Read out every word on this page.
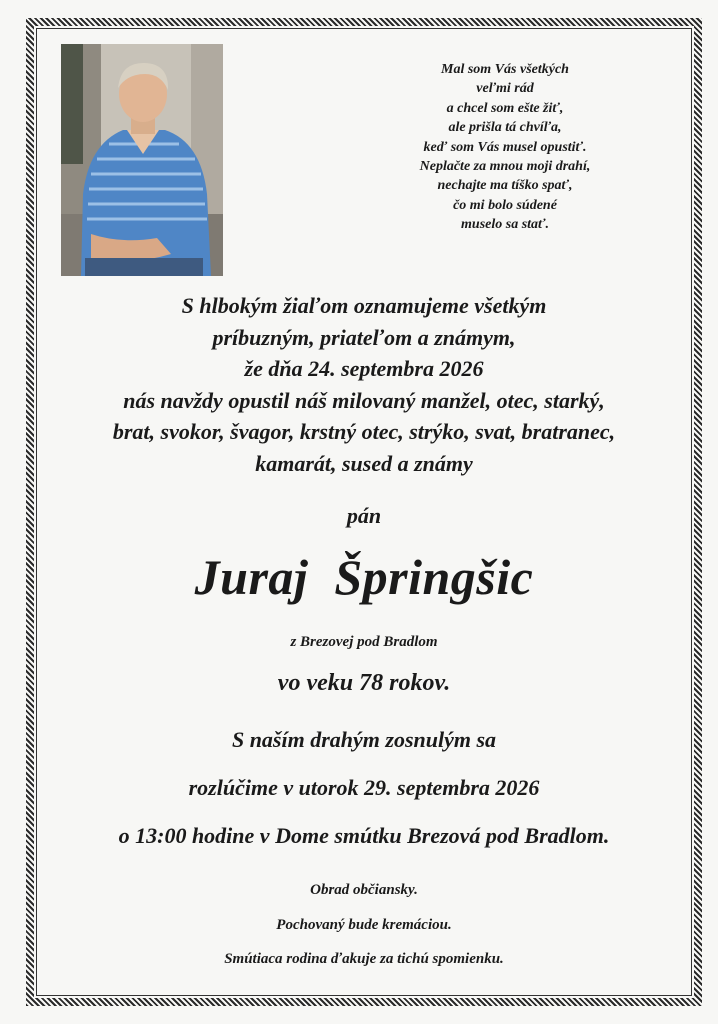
Mal som Vás všetkých
veľmi rád
a chcel som ešte žiť,
ale prišla tá chvíľa,
keď som Vás musel opustiť.
Neplačte za mnou moji drahí,
nechajte ma tíško spať,
čo mi bolo súdené
muselo sa stať.
S hlbokým žiaľom oznamujeme všetkým
príbuzným, priateľom a známym,
že dňa 24. septembra 2026
nás navždy opustil náš milovaný manžel, otec, starký,
brat, svokor, švagor, krstný otec, strýko, svat, bratranec,
kamarát, sused a známy
pán
Juraj  Špringšic
z Brezovej pod Bradlom
vo veku 78 rokov.
S naším drahým zosnulým sa
rozlúčime v utorok 29. septembra 2026
o 13:00 hodine v Dome smútku Brezová pod Bradlom.
Obrad občiansky.
Pochovaný bude kremáciou.
Smútiaca rodina ďakuje za tichú spomienku.
